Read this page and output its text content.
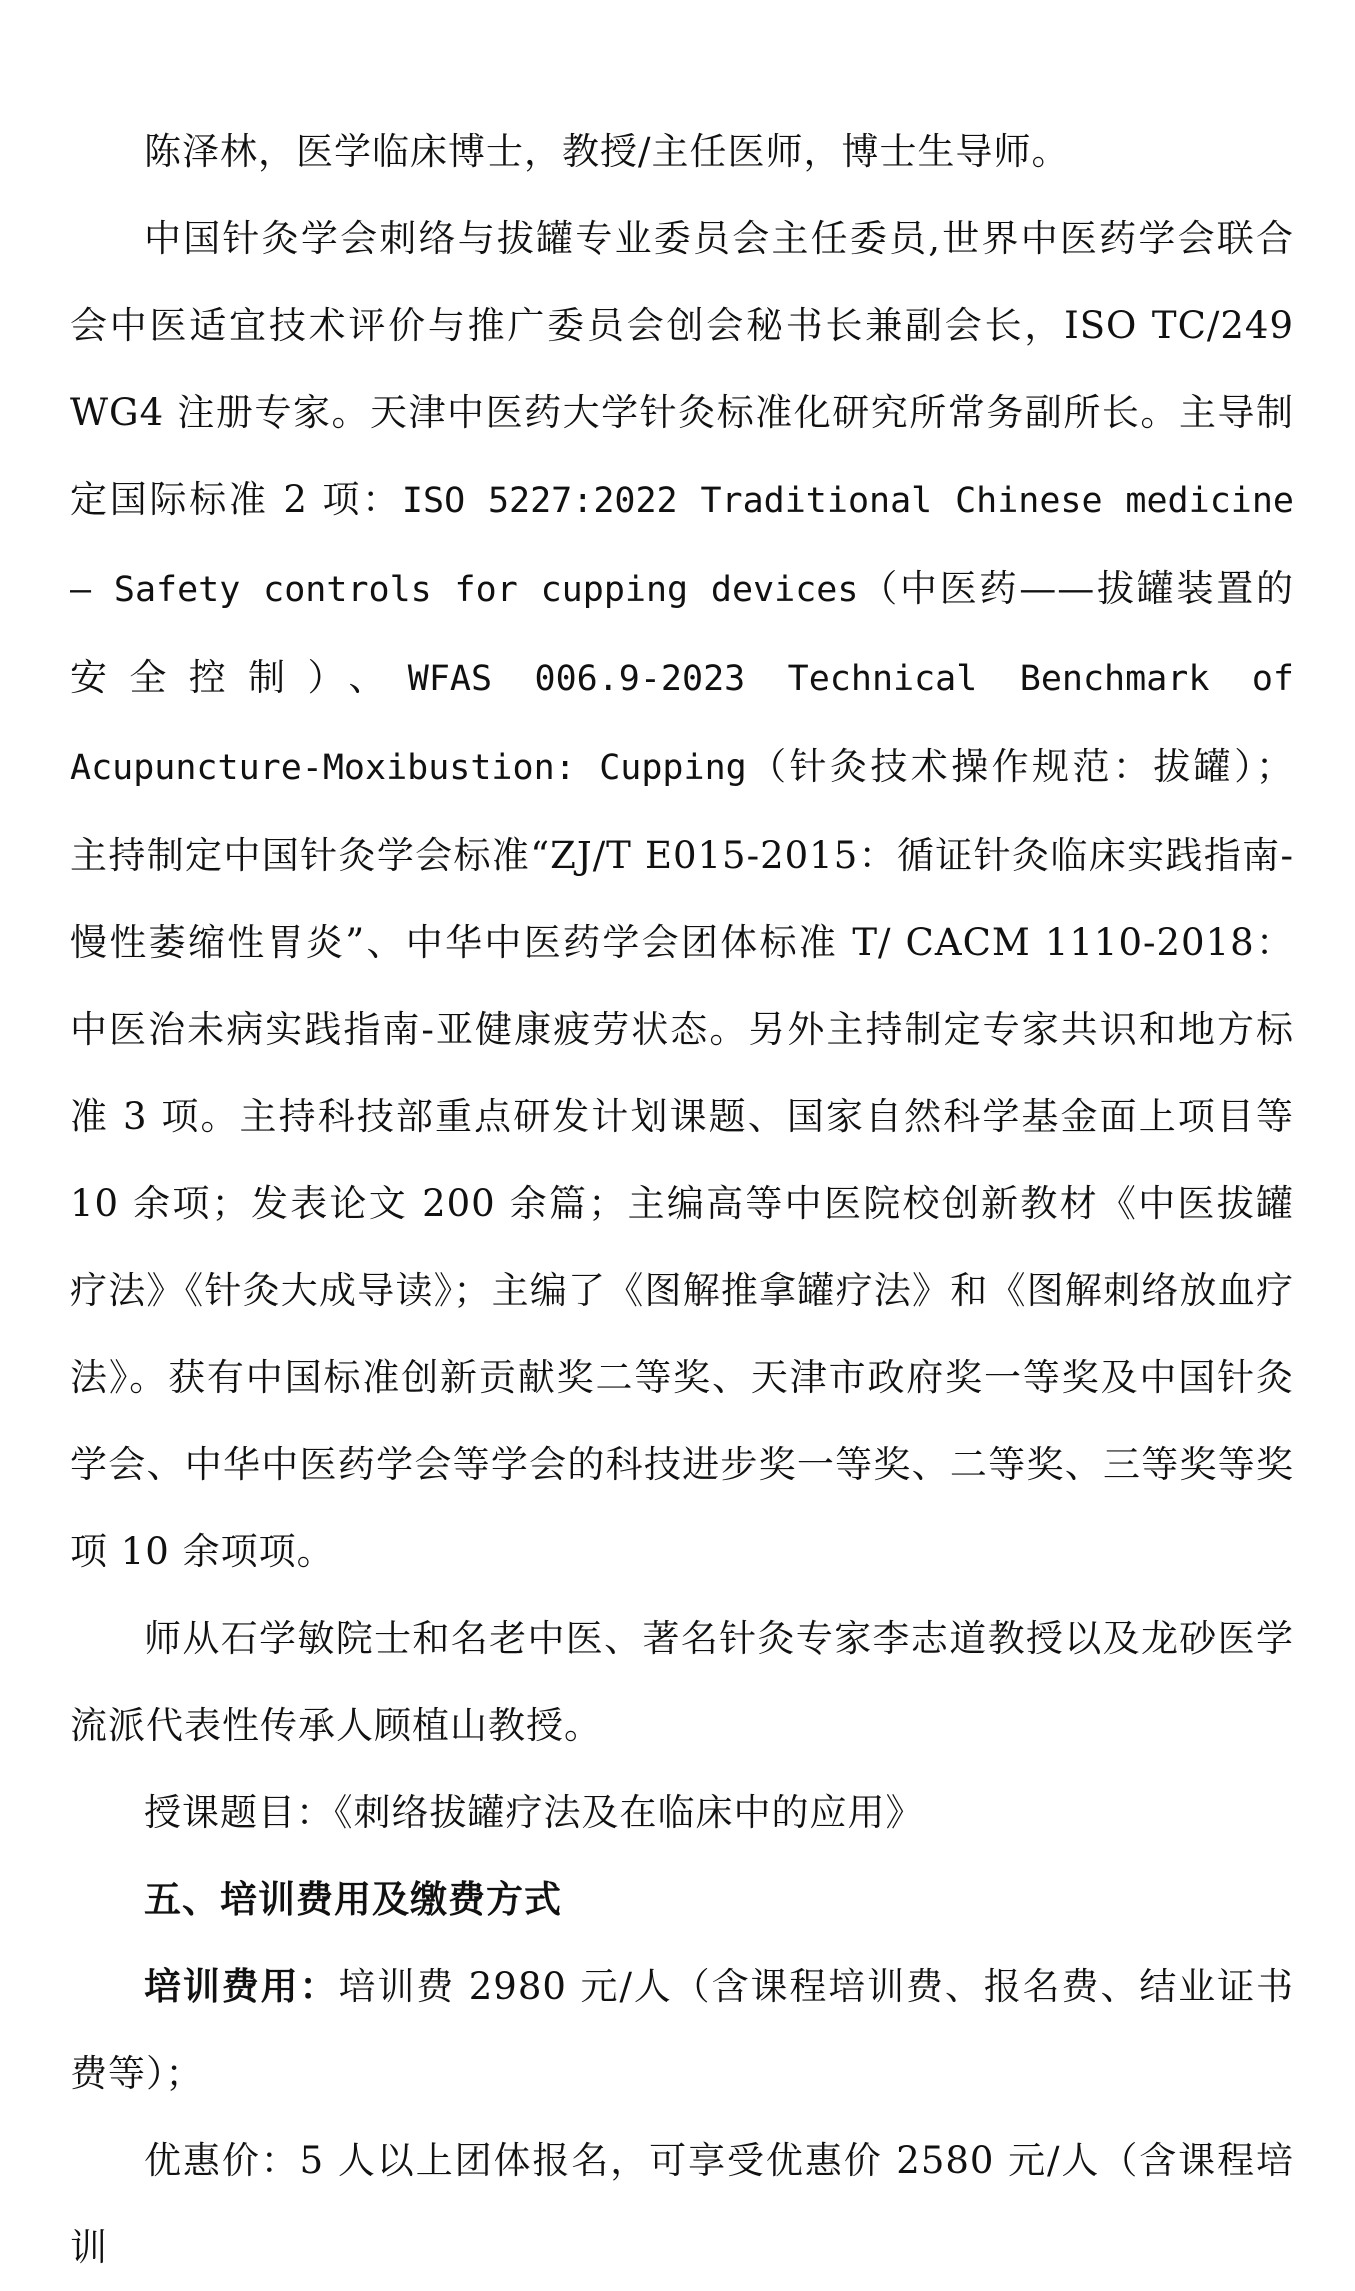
陈泽林，医学临床博士，教授/主任医师，博士生导师。

中国针灸学会刺络与拔罐专业委员会主任委员,世界中医药学会联合会中医适宜技术评价与推广委员会创会秘书长兼副会长，ISO TC/249 WG4 注册专家。天津中医药大学针灸标准化研究所常务副所长。主导制定国际标准 2 项：ISO 5227:2022 Traditional Chinese medicine — Safety controls for cupping devices（中医药——拔罐装置的安全控制）、WFAS 006.9-2023 Technical Benchmark of Acupuncture-Moxibustion: Cupping（针灸技术操作规范：拔罐）；主持制定中国针灸学会标准“ZJ/T E015-2015：循证针灸临床实践指南-慢性萎缩性胃炎”、中华中医药学会团体标准 T/ CACM 1110-2018：中医治未病实践指南-亚健康疲劳状态。另外主持制定专家共识和地方标准 3 项。主持科技部重点研发计划课题、国家自然科学基金面上项目等 10 余项；发表论文 200 余篇；主编高等中医院校创新教材《中医拔罐疗法》《针灸大成导读》；主编了《图解推拿罐疗法》和《图解刺络放血疗法》。获有中国标准创新贡献奖二等奖、天津市政府奖一等奖及中国针灸学会、中华中医药学会等学会的科技进步奖一等奖、二等奖、三等奖等奖项 10 余项项。

师从石学敏院士和名老中医、著名针灸专家李志道教授以及龙砂医学流派代表性传承人顾植山教授。

授课题目：《刺络拔罐疗法及在临床中的应用》

五、培训费用及缴费方式

培训费用：培训费 2980 元/人（含课程培训费、报名费、结业证书费等）；

优惠价：5 人以上团体报名，可享受优惠价 2580 元/人（含课程培训
